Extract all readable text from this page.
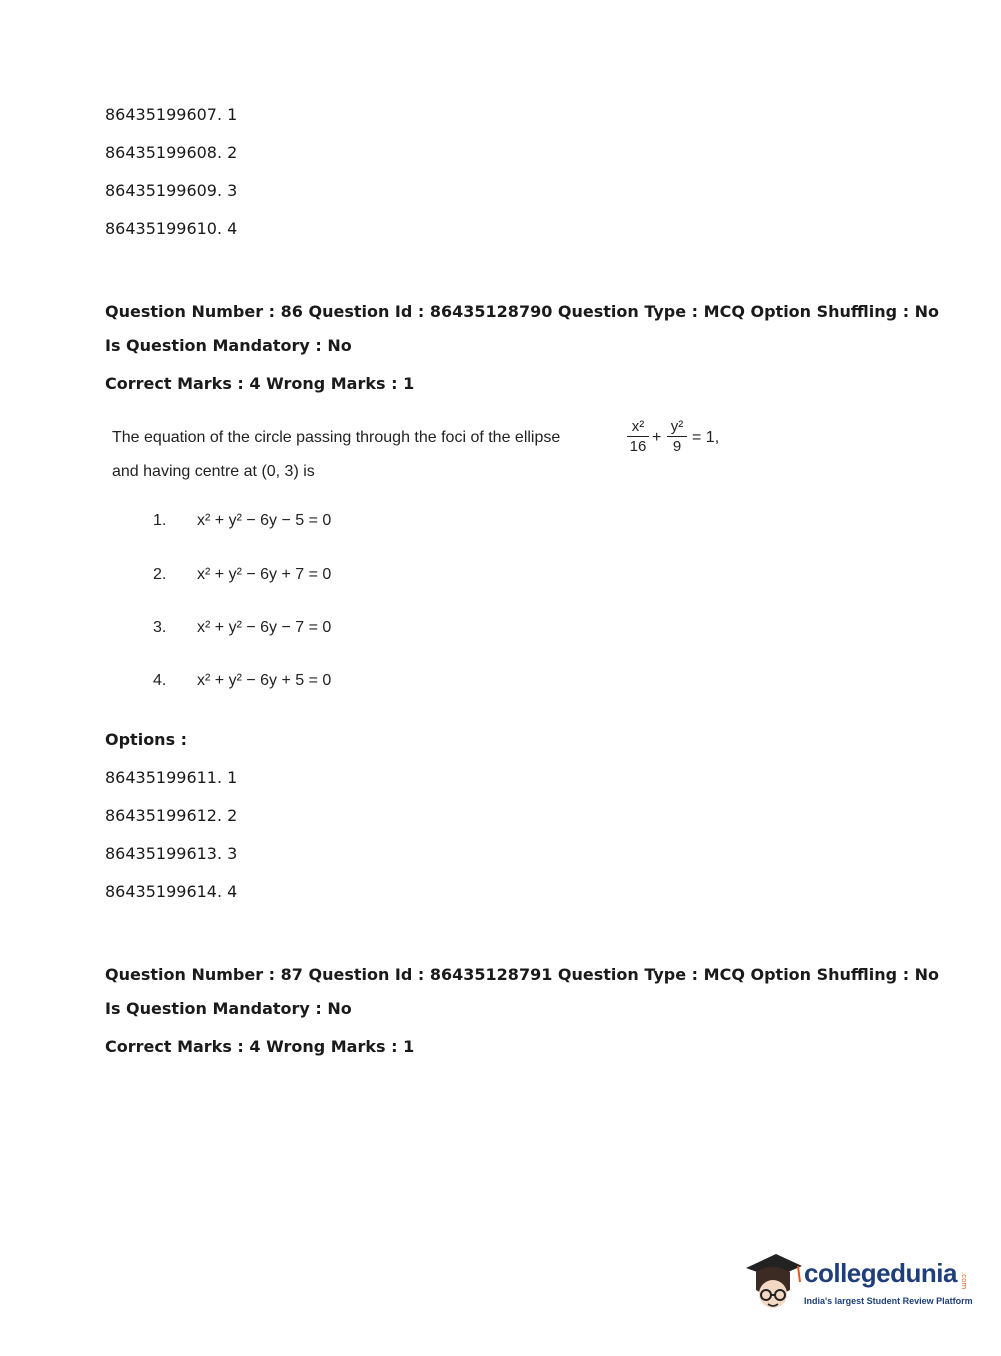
86435199607. 1
86435199608. 2
86435199609. 3
86435199610. 4
Question Number : 86 Question Id : 86435128790 Question Type : MCQ Option Shuffling : No
Is Question Mandatory : No
Correct Marks : 4 Wrong Marks : 1
The equation of the circle passing through the foci of the ellipse
x²
16
+
y²
9
= 1,
and having centre at (0, 3) is
1. x² + y² − 6y − 5 = 0
2. x² + y² − 6y + 7 = 0
3. x² + y² − 6y − 7 = 0
4. x² + y² − 6y + 5 = 0
Options :
86435199611. 1
86435199612. 2
86435199613. 3
86435199614. 4
Question Number : 87 Question Id : 86435128791 Question Type : MCQ Option Shuffling : No
Is Question Mandatory : No
Correct Marks : 4 Wrong Marks : 1
collegedunia .com
India's largest Student Review Platform
